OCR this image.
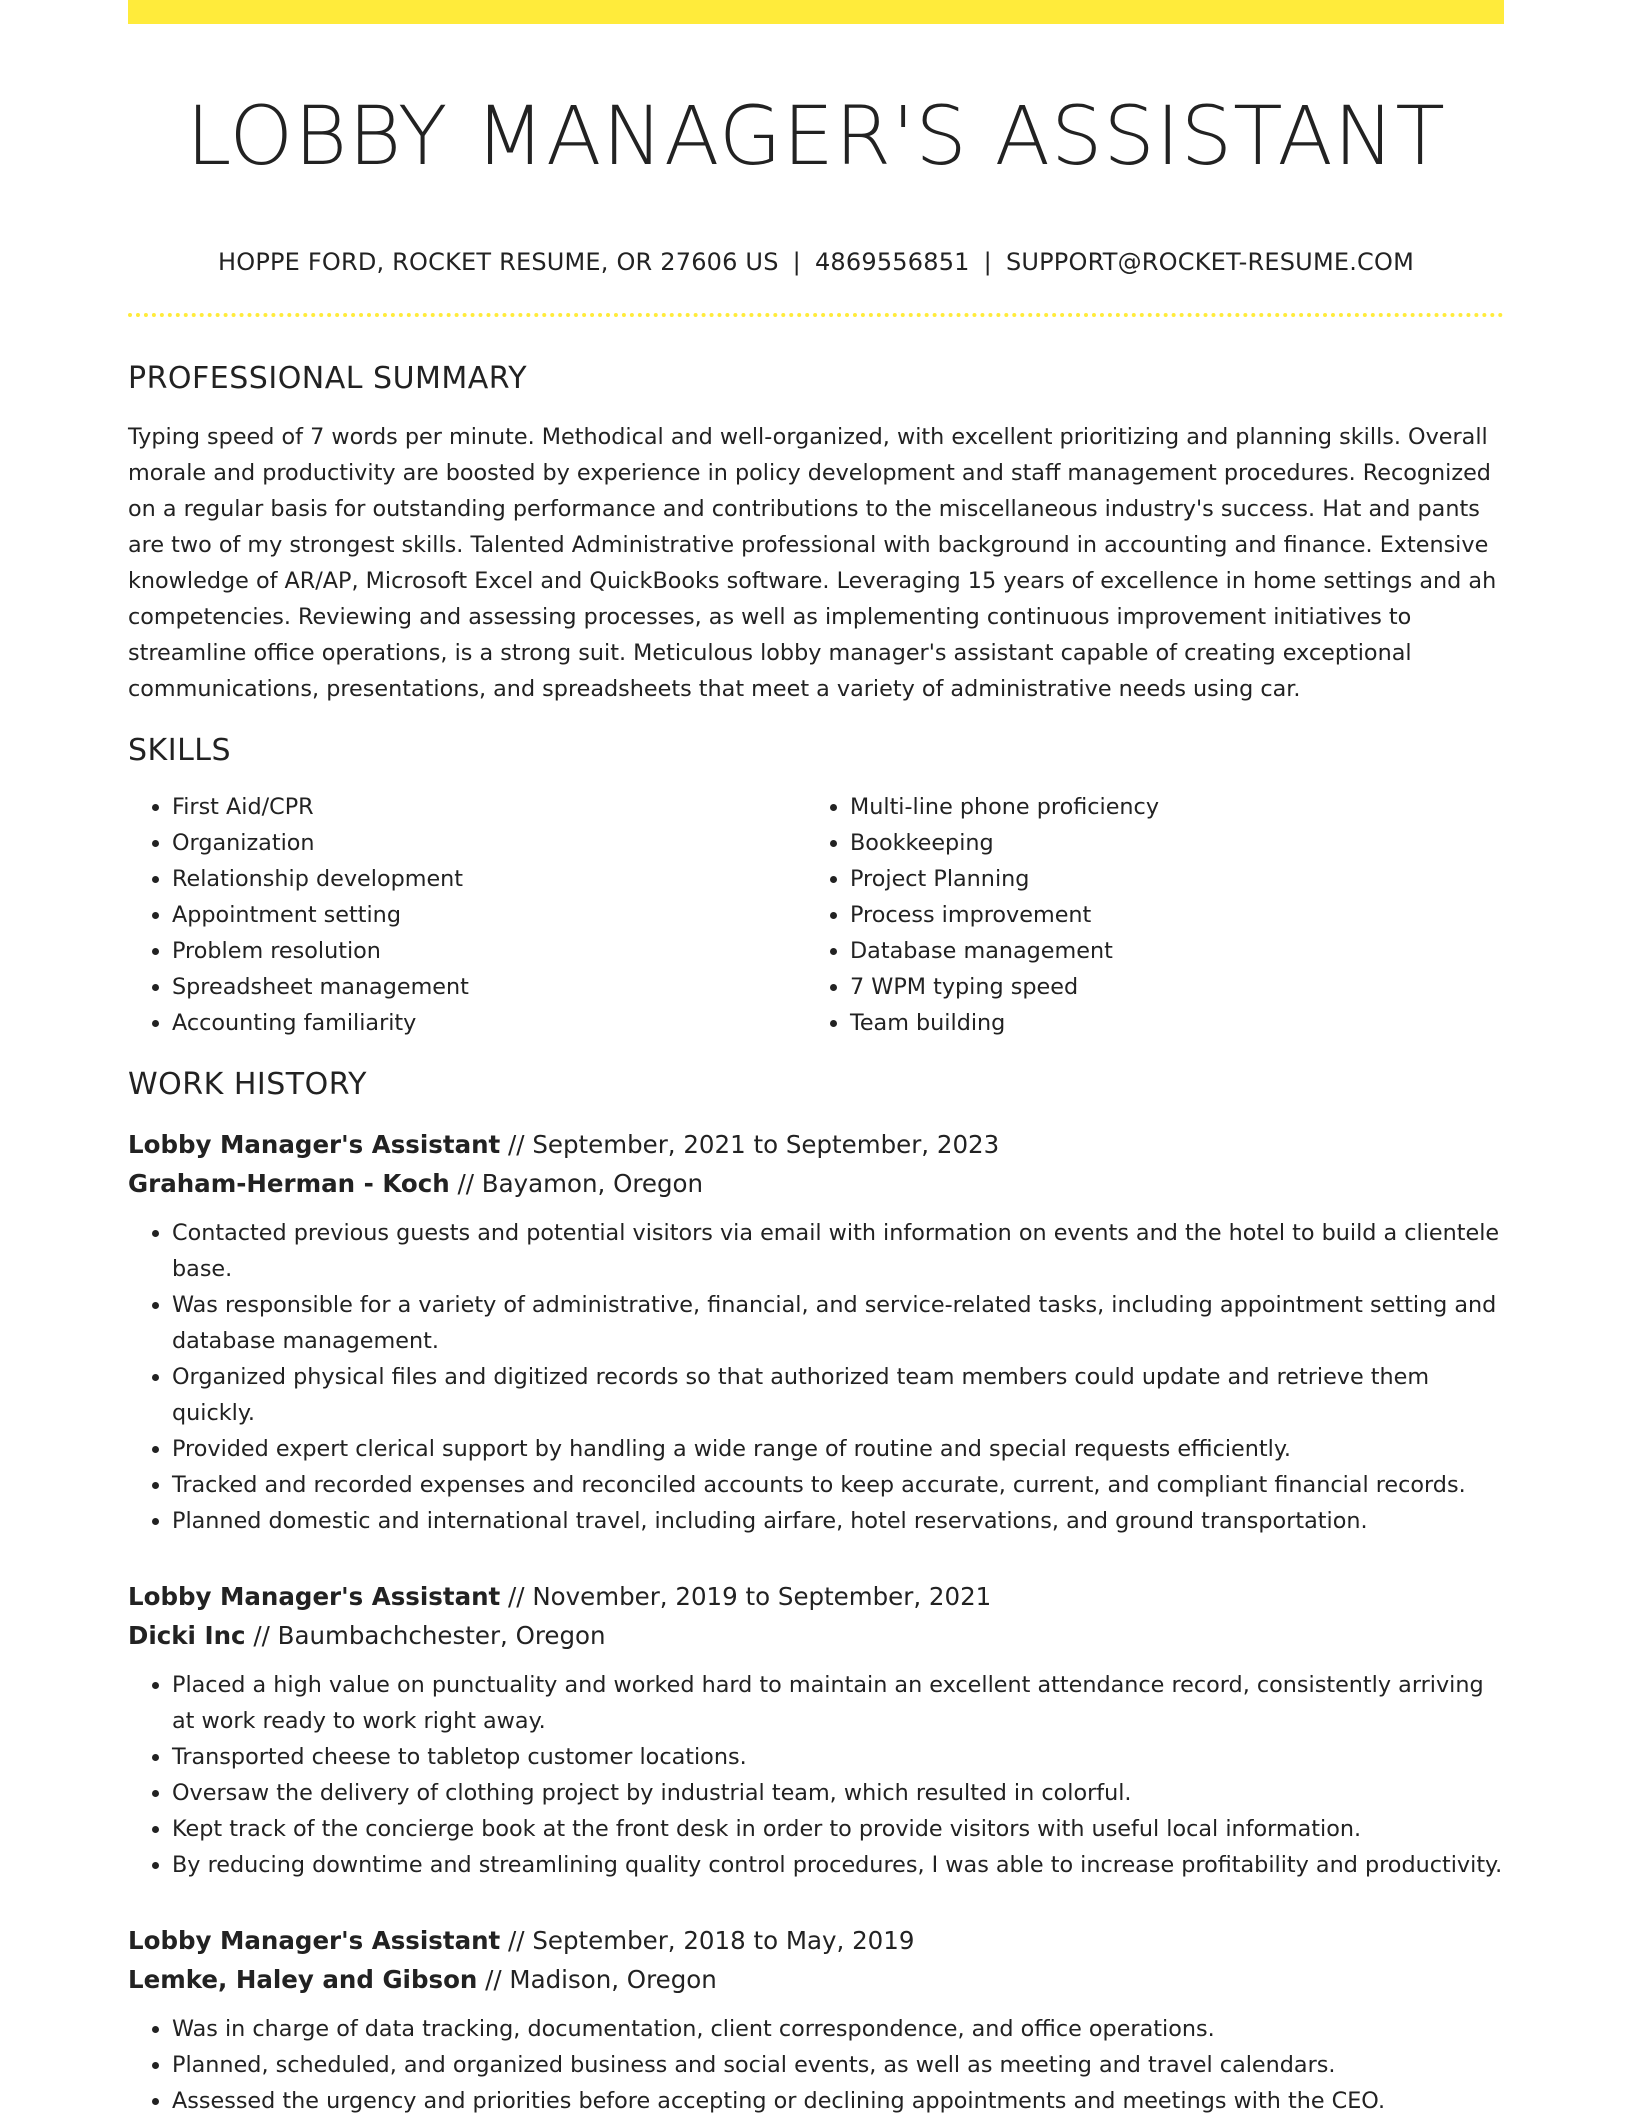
LOBBY MANAGER'S ASSISTANT
HOPPE FORD, ROCKET RESUME, OR 27606 US | 4869556851 | SUPPORT@ROCKET-RESUME.COM
PROFESSIONAL SUMMARY

Typing speed of 7 words per minute. Methodical and well-organized, with excellent prioritizing and planning skills. Overall morale and productivity are boosted by experience in policy development and staff management procedures. Recognized on a regular basis for outstanding performance and contributions to the miscellaneous industry's success. Hat and pants are two of my strongest skills. Talented Administrative professional with background in accounting and finance. Extensive knowledge of AR/AP, Microsoft Excel and QuickBooks software. Leveraging 15 years of excellence in home settings and ah competencies. Reviewing and assessing processes, as well as implementing continuous improvement initiatives to streamline office operations, is a strong suit. Meticulous lobby manager's assistant capable of creating exceptional communications, presentations, and spreadsheets that meet a variety of administrative needs using car.

SKILLS
• First Aid/CPR
• Organization
• Relationship development
• Appointment setting
• Problem resolution
• Spreadsheet management
• Accounting familiarity
• Multi-line phone proficiency
• Bookkeeping
• Project Planning
• Process improvement
• Database management
• 7 WPM typing speed
• Team building
WORK HISTORY
Lobby Manager's Assistant // September, 2021 to September, 2023
Graham-Herman - Koch // Bayamon, Oregon
• Contacted previous guests and potential visitors via email with information on events and the hotel to build a clientele base.
• Was responsible for a variety of administrative, financial, and service-related tasks, including appointment setting and database management.
• Organized physical files and digitized records so that authorized team members could update and retrieve them quickly.
• Provided expert clerical support by handling a wide range of routine and special requests efficiently.
• Tracked and recorded expenses and reconciled accounts to keep accurate, current, and compliant financial records.
• Planned domestic and international travel, including airfare, hotel reservations, and ground transportation.
Lobby Manager's Assistant // November, 2019 to September, 2021
Dicki Inc // Baumbachchester, Oregon
• Placed a high value on punctuality and worked hard to maintain an excellent attendance record, consistently arriving at work ready to work right away.
• Transported cheese to tabletop customer locations.
• Oversaw the delivery of clothing project by industrial team, which resulted in colorful.
• Kept track of the concierge book at the front desk in order to provide visitors with useful local information.
• By reducing downtime and streamlining quality control procedures, I was able to increase profitability and productivity.
Lobby Manager's Assistant // September, 2018 to May, 2019
Lemke, Haley and Gibson // Madison, Oregon
• Was in charge of data tracking, documentation, client correspondence, and office operations.
• Planned, scheduled, and organized business and social events, as well as meeting and travel calendars.
• Assessed the urgency and priorities before accepting or declining appointments and meetings with the CEO.
